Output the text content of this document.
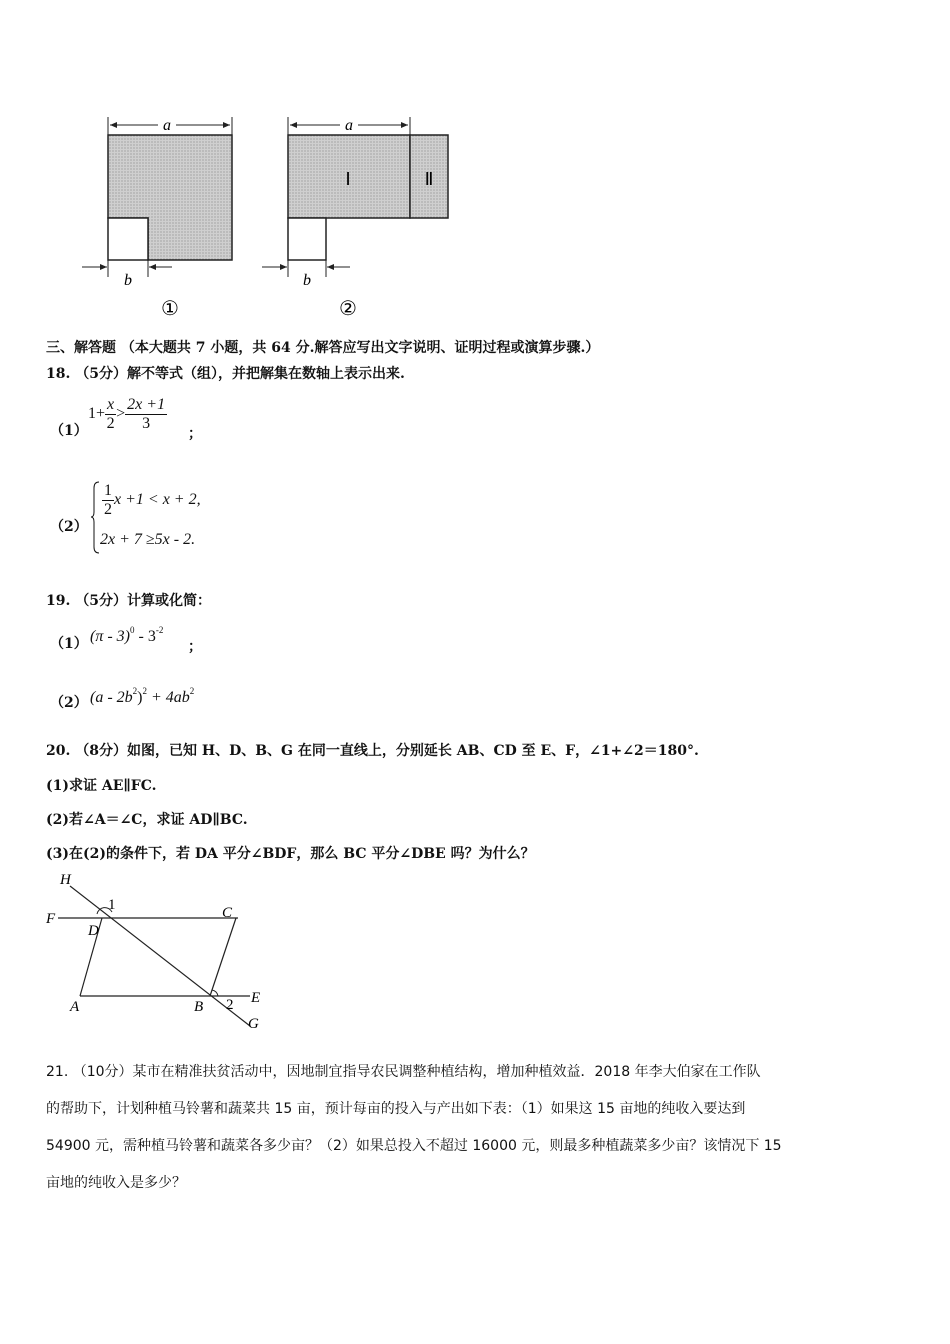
a
b
①
Ⅰ	Ⅱ
a
b
②
三、解答题 （本大题共 7 小题，共 64 分.解答应写出文字说明、证明过程或演算步骤.）
18. （5分）解不等式（组），并把解集在数轴上表示出来.
（1）
$1+ \frac{x}{2} > \frac{2x +1}{3}$
；
（2）
$\frac{1}{2}$ x +1 < x + 2,
2x + 7 ≥5x - 2.
19. （5分）计算或化简：
（1） $(\pi - 3)^0 - 3^{-2}$
；
（2） $(a - 2b^2)^2 + 4ab^2$
20. （8分）如图，已知 H、D、B、G 在同一直线上，分别延长 AB、CD 至 E、F，∠1+∠2＝180°.
(1)求证 AE∥FC.
(2)若∠A＝∠C，求证 AD∥BC.
(3)在(2)的条件下，若 DA 平分∠BDF，那么 BC 平分∠DBE 吗？为什么？
H
F
D
1	C
A	B 2 E
G
21. （10分）某市在精准扶贫活动中，因地制宜指导农民调整种植结构，增加种植效益．2018 年李大伯家在工作队
的帮助下，计划种植马铃薯和蔬菜共 15 亩，预计每亩的投入与产出如下表：（1）如果这 15 亩地的纯收入要达到
54900 元，需种植马铃薯和蔬菜各多少亩？（2）如果总投入不超过 16000 元，则最多种植蔬菜多少亩？该情况下 15
亩地的纯收入是多少？
